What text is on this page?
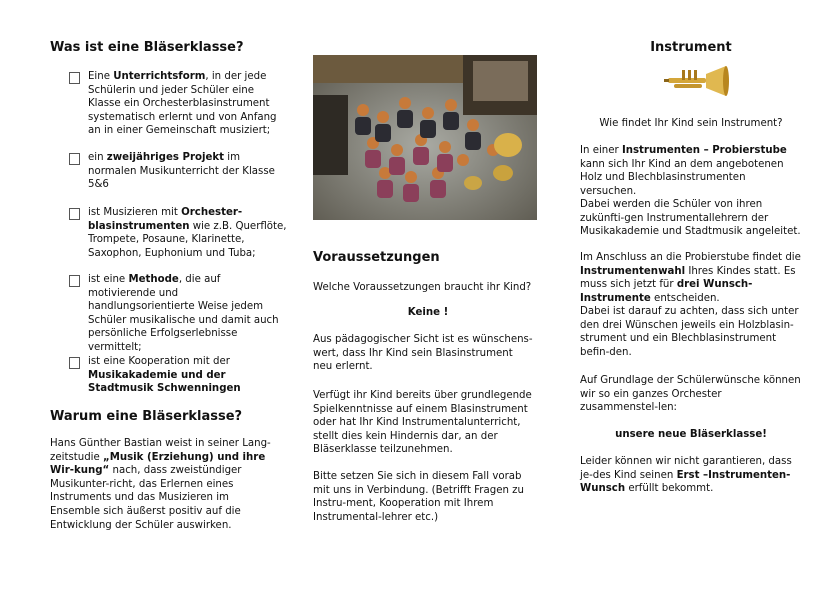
Was ist eine Bläserklasse?
Eine Unterrichtsform, in der jede Schülerin und jeder Schüler eine Klasse ein Orchesterblasinstrument systematisch erlernt und von Anfang an in einer Gemeinschaft musiziert;
ein zweijähriges Projekt im normalen Musikunterricht der Klasse 5&6
ist Musizieren mit Orchester-blasinstrumenten wie z.B. Querflöte, Trompete, Posaune, Klarinette, Saxophon, Euphonium und Tuba;
ist eine Methode, die auf motivierende und handlungsorientierte Weise jedem Schüler musikalische und damit auch persönliche Erfolgserlebnisse vermittelt;
ist eine Kooperation mit der Musikakademie und der Stadtmusik Schwenningen
Warum eine Bläserklasse?
Hans Günther Bastian weist in seiner Lang-zeitstudie „Musik (Erziehung) und ihre Wir-kung“ nach, dass zweistündiger Musikunter-richt, das Erlernen eines Instruments und das Musizieren im Ensemble sich äußerst positiv auf die Entwicklung der Schüler auswirken.
Voraussetzungen
Welche Voraussetzungen braucht ihr Kind?
Keine !
Aus pädagogischer Sicht ist es wünschens-wert, dass Ihr Kind sein Blasinstrument neu erlernt.
Verfügt ihr Kind bereits über grundlegende Spielkenntnisse auf einem Blasinstrument oder hat Ihr Kind Instrumentalunterricht, stellt dies kein Hindernis dar, an der Bläserklasse teilzunehmen.
Bitte setzen Sie sich in diesem Fall vorab mit uns in Verbindung. (Betrifft Fragen zu Instru-ment, Kooperation mit Ihrem Instrumental-lehrer etc.)
Instrument
Wie findet Ihr Kind sein Instrument?
In einer Instrumenten – Probierstube kann sich Ihr Kind an dem angebotenen Holz und Blechblasinstrumenten versuchen.
Dabei werden die Schüler von ihren zukünfti-gen Instrumentallehrern der Musikakademie und Stadtmusik angeleitet.
Im Anschluss an die Probierstube findet die Instrumentenwahl Ihres Kindes statt. Es muss sich jetzt für drei Wunsch-Instrumente entscheiden.
Dabei ist darauf zu achten, dass sich unter den drei Wünschen jeweils ein Holzblasin-strument und ein Blechblasinstrument befin-den.
Auf Grundlage der Schülerwünsche können wir so ein ganzes Orchester zusammenstel-len:
unsere neue Bläserklasse!
Leider können wir nicht garantieren, dass je-des Kind seinen Erst –Instrumenten-Wunsch erfüllt bekommt.
